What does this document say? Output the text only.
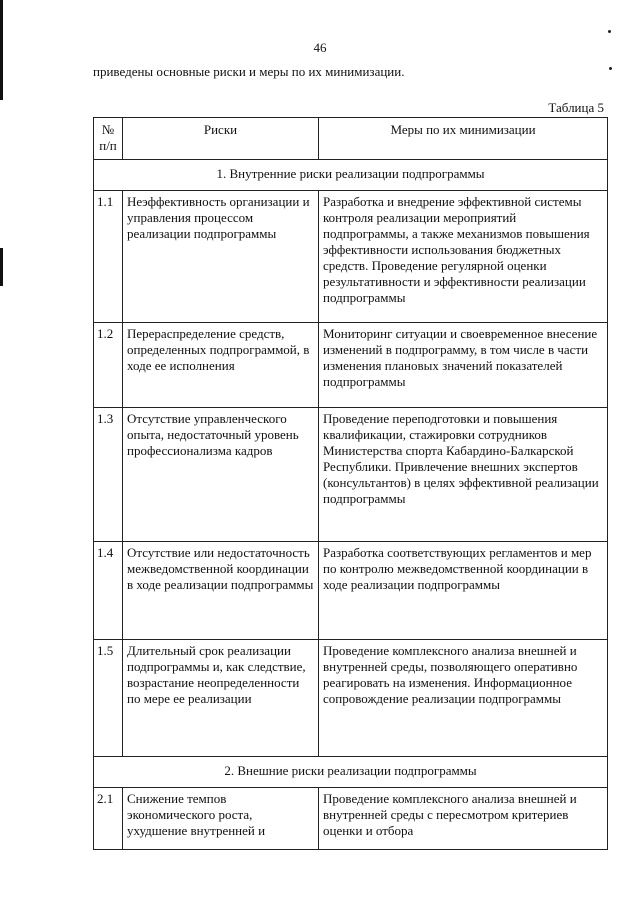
46
приведены основные риски и меры по их минимизации.
Таблица 5
№ п/п	Риски	Меры по их минимизации
1. Внутренние риски реализации подпрограммы		
1.1	Неэффективность организации и управления процессом реализации подпрограммы	Разработка и внедрение эффективной системы контроля реализации мероприятий подпрограммы, а также механизмов повышения эффективности использования бюджетных средств. Проведение регулярной оценки результативности и эффективности реализации подпрограммы
1.2	Перераспределение средств, определенных подпрограммой, в ходе ее исполнения	Мониторинг ситуации и своевременное внесение изменений в подпрограмму, в том числе в части изменения плановых значений показателей подпрограммы
1.3	Отсутствие управленческого опыта, недостаточный уровень профессионализма кадров	Проведение переподготовки и повышения квалификации, стажировки сотрудников Министерства спорта Кабардино-Балкарской Республики. Привлечение внешних экспертов (консультантов) в целях эффективной реализации подпрограммы
1.4	Отсутствие или недостаточность межведомственной координации в ходе реализации подпрограммы	Разработка соответствующих регламентов и мер по контролю межведомственной координации в ходе реализации подпрограммы
1.5	Длительный срок реализации подпрограммы и, как следствие, возрастание неопределенности по мере ее реализации	Проведение комплексного анализа внешней и внутренней среды, позволяющего оперативно реагировать на изменения. Информационное сопровождение реализации подпрограммы
2. Внешние риски реализации подпрограммы		
2.1	Снижение темпов экономического роста, ухудшение внутренней и	Проведение комплексного анализа внешней и внутренней среды с пересмотром критериев оценки и отбора
